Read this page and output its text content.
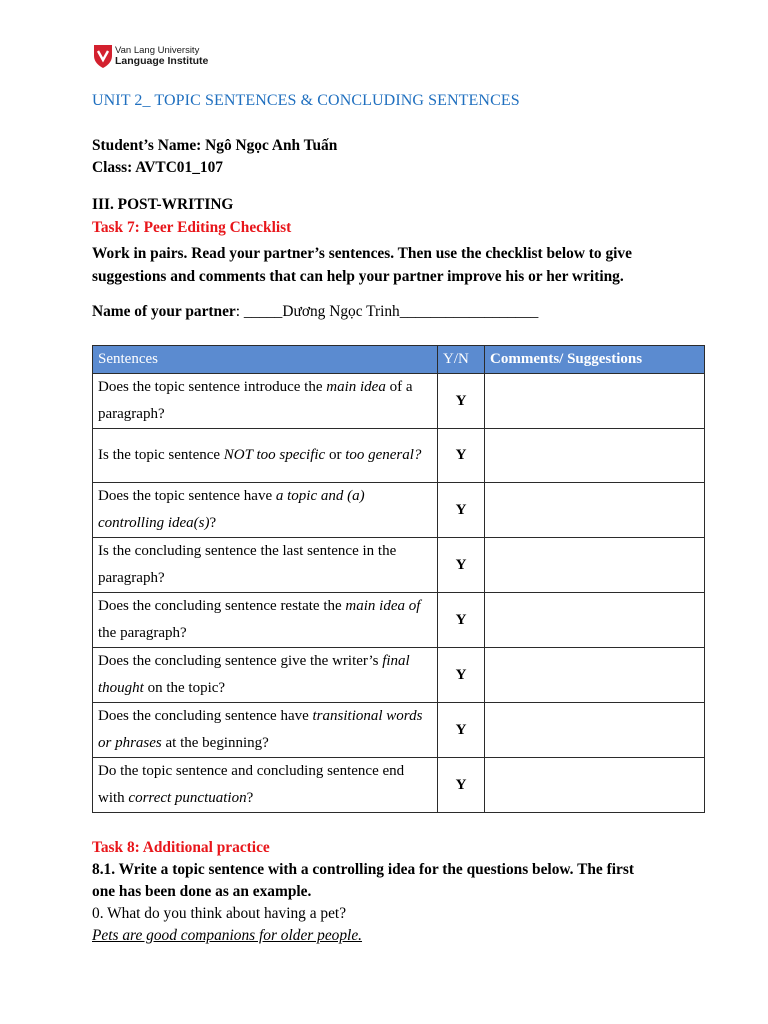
Van Lang University
Language Institute
UNIT 2_ TOPIC SENTENCES & CONCLUDING SENTENCES
Student’s Name: Ngô Ngọc Anh Tuấn
Class: AVTC01_107
III. POST-WRITING
Task 7: Peer Editing Checklist
Work in pairs. Read your partner’s sentences. Then use the checklist below to give
suggestions and comments that can help your partner improve his or her writing.
Name of your partner: _____Dương Ngọc Trinh__________________
Sentences	Y/N	Comments/ Suggestions
Does the topic sentence introduce the main idea of a paragraph?	Y	
Is the topic sentence NOT too specific or too general?	Y	
Does the topic sentence have a topic and (a) controlling idea(s)?	Y	
Is the concluding sentence the last sentence in the paragraph?	Y	
Does the concluding sentence restate the main idea of the paragraph?	Y	
Does the concluding sentence give the writer’s final thought on the topic?	Y	
Does the concluding sentence have transitional words or phrases at the beginning?	Y	
Do the topic sentence and concluding sentence end with correct punctuation?	Y	
Task 8: Additional practice
8.1. Write a topic sentence with a controlling idea for the questions below. The first
one has been done as an example.
0. What do you think about having a pet?
Pets are good companions for older people.
